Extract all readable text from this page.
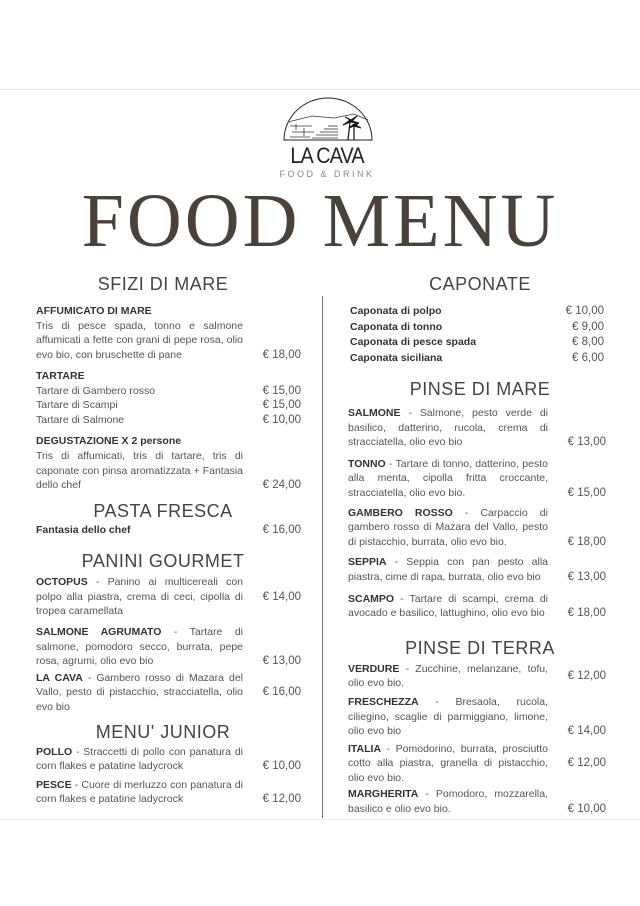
LA CAVA
FOOD & DRINK
FOOD MENU
SFIZI DI MARE
AFFUMICATO DI MARE
Tris di pesce spada, tonno e salmone affumicati a fette con grani di pepe rosa, olio evo bio, con bruschette di pane	€ 18,00
TARTARE
Tartare di Gambero rosso	€ 15,00
Tartare di Scampi	€ 15,00
Tartare di Salmone	€ 10,00
DEGUSTAZIONE X 2 persone
Tris di affumicati, tris di tartare, tris di caponate con pinsa aromatizzata + Fantasia dello chef	€ 24,00
PASTA FRESCA
Fantasia dello chef	€ 16,00
PANINI GOURMET
OCTOPUS - Panino ai multicereali con polpo alla piastra, crema di ceci, cipolla di tropea caramellata
€ 14,00
SALMONE AGRUMATO - Tartare di salmone, pomodoro secco, burrata, pepe rosa, agrumi, olio evo bio	€ 13,00
LA CAVA - Gambero rosso di Mazara del Vallo, pesto di pistacchio, stracciatella, olio evo bio
€ 16,00
MENU' JUNIOR
POLLO - Straccetti di pollo con panatura di corn flakes e patatine ladycrock	€ 10,00
PESCE - Cuore di merluzzo con panatura di corn flakes e patatine ladycrock	€ 12,00
CAPONATE
Caponata di polpo	€ 10,00
Caponata di tonno	€ 9,00
Caponata di pesce spada	€ 8,00
Caponata siciliana	€ 6,00
PINSE DI MARE
SALMONE - Salmone, pesto verde di basilico, datterino, rucola, crema di stracciatella, olio evo bio	€ 13,00
TONNO - Tartare di tonno, datterino, pesto alla menta, cipolla fritta croccante, stracciatella, olio evo bio.	€ 15,00
GAMBERO ROSSO - Carpaccio di gambero rosso di Mazara del Vallo, pesto di pistacchio, burrata, olio evo bio.	€ 18,00
SEPPIA - Seppia con pan pesto alla piastra, cime di rapa, burrata, olio evo bio	€ 13,00
SCAMPO - Tartare di scampi, crema di avocado e basilico, lattughino, olio evo bio	€ 18,00
PINSE DI TERRA
VERDURE - Zucchine, melanzane, tofu, olio evo bio.
€ 12,00
FRESCHEZZA - Bresaola, rucola, ciliegino, scaglie di parmiggiano, limone, olio evo bio	€ 14,00
ITALIA - Pomodorino, burrata, prosciutto cotto alla piastra, granella di pistacchio, olio evo bio.
€ 12,00
MARGHERITA - Pomodoro, mozzarella, basilico e olio evo bio.	€ 10,00
